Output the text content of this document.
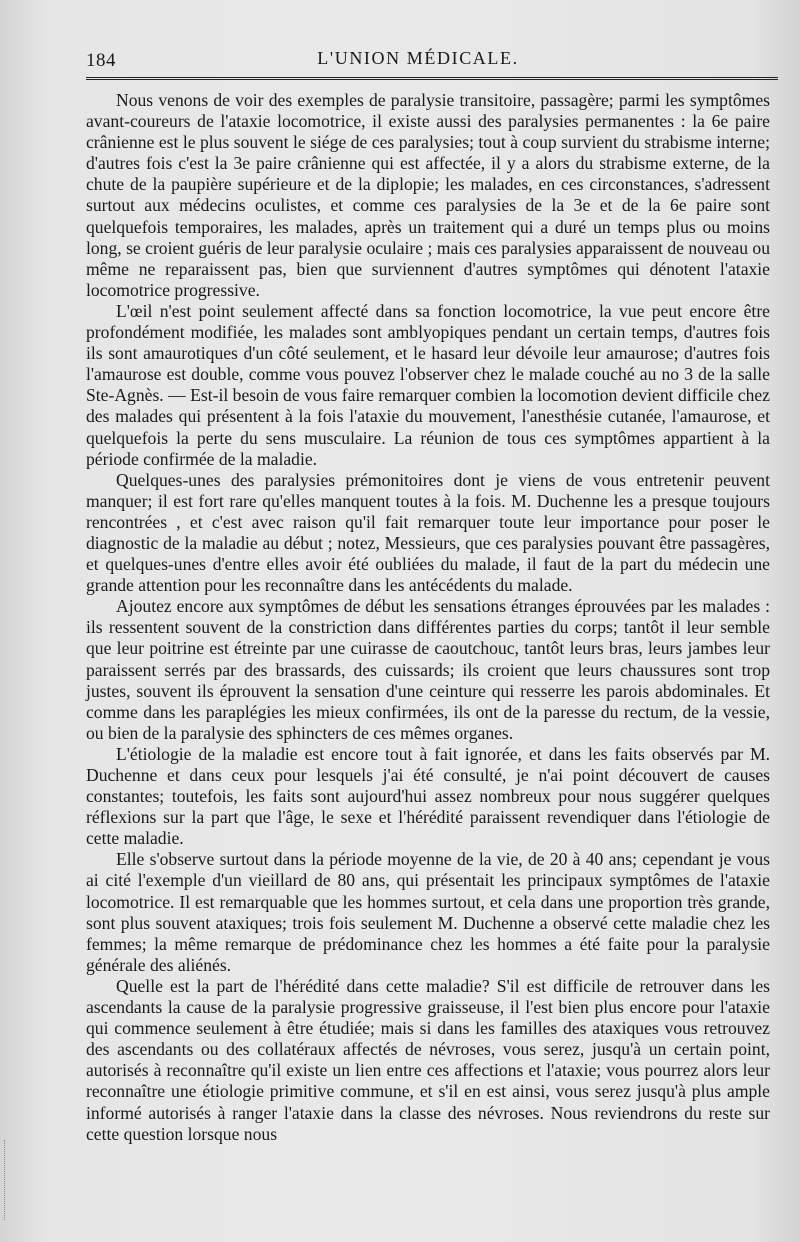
184	L'UNION MÉDICALE.

Nous venons de voir des exemples de paralysie transitoire, passagère; parmi les symptômes avant-coureurs de l'ataxie locomotrice, il existe aussi des paralysies permanentes : la 6e paire crânienne est le plus souvent le siége de ces paralysies; tout à coup survient du strabisme interne; d'autres fois c'est la 3e paire crânienne qui est affectée, il y a alors du strabisme externe, de la chute de la paupière supérieure et de la diplopie; les malades, en ces circonstances, s'adressent surtout aux médecins oculistes, et comme ces paralysies de la 3e et de la 6e paire sont quelquefois temporaires, les malades, après un traitement qui a duré un temps plus ou moins long, se croient guéris de leur paralysie oculaire ; mais ces paralysies apparaissent de nouveau ou même ne reparaissent pas, bien que surviennent d'autres symptômes qui dénotent l'ataxie locomotrice progressive.

L'œil n'est point seulement affecté dans sa fonction locomotrice, la vue peut encore être profondément modifiée, les malades sont amblyopiques pendant un certain temps, d'autres fois ils sont amaurotiques d'un côté seulement, et le hasard leur dévoile leur amaurose; d'autres fois l'amaurose est double, comme vous pouvez l'observer chez le malade couché au no 3 de la salle Ste-Agnès. — Est-il besoin de vous faire remarquer combien la locomotion devient difficile chez des malades qui présentent à la fois l'ataxie du mouvement, l'anesthésie cutanée, l'amaurose, et quelquefois la perte du sens musculaire. La réunion de tous ces symptômes appartient à la période confirmée de la maladie.

Quelques-unes des paralysies prémonitoires dont je viens de vous entretenir peuvent manquer; il est fort rare qu'elles manquent toutes à la fois. M. Duchenne les a presque toujours rencontrées , et c'est avec raison qu'il fait remarquer toute leur importance pour poser le diagnostic de la maladie au début ; notez, Messieurs, que ces paralysies pouvant être passagères, et quelques-unes d'entre elles avoir été oubliées du malade, il faut de la part du médecin une grande attention pour les reconnaître dans les antécédents du malade.

Ajoutez encore aux symptômes de début les sensations étranges éprouvées par les malades : ils ressentent souvent de la constriction dans différentes parties du corps; tantôt il leur semble que leur poitrine est étreinte par une cuirasse de caoutchouc, tantôt leurs bras, leurs jambes leur paraissent serrés par des brassards, des cuissards; ils croient que leurs chaussures sont trop justes, souvent ils éprouvent la sensation d'une ceinture qui resserre les parois abdominales. Et comme dans les paraplégies les mieux confirmées, ils ont de la paresse du rectum, de la vessie, ou bien de la paralysie des sphincters de ces mêmes organes.

L'étiologie de la maladie est encore tout à fait ignorée, et dans les faits observés par M. Duchenne et dans ceux pour lesquels j'ai été consulté, je n'ai point découvert de causes constantes; toutefois, les faits sont aujourd'hui assez nombreux pour nous suggérer quelques réflexions sur la part que l'âge, le sexe et l'hérédité paraissent revendiquer dans l'étiologie de cette maladie.

Elle s'observe surtout dans la période moyenne de la vie, de 20 à 40 ans; cependant je vous ai cité l'exemple d'un vieillard de 80 ans, qui présentait les principaux symptômes de l'ataxie locomotrice. Il est remarquable que les hommes surtout, et cela dans une proportion très grande, sont plus souvent ataxiques; trois fois seulement M. Duchenne a observé cette maladie chez les femmes; la même remarque de prédominance chez les hommes a été faite pour la paralysie générale des aliénés.

Quelle est la part de l'hérédité dans cette maladie? S'il est difficile de retrouver dans les ascendants la cause de la paralysie progressive graisseuse, il l'est bien plus encore pour l'ataxie qui commence seulement à être étudiée; mais si dans les familles des ataxiques vous retrouvez des ascendants ou des collatéraux affectés de névroses, vous serez, jusqu'à un certain point, autorisés à reconnaître qu'il existe un lien entre ces affections et l'ataxie; vous pourrez alors leur reconnaître une étiologie primitive commune, et s'il en est ainsi, vous serez jusqu'à plus ample informé autorisés à ranger l'ataxie dans la classe des névroses. Nous reviendrons du reste sur cette question lorsque nous
